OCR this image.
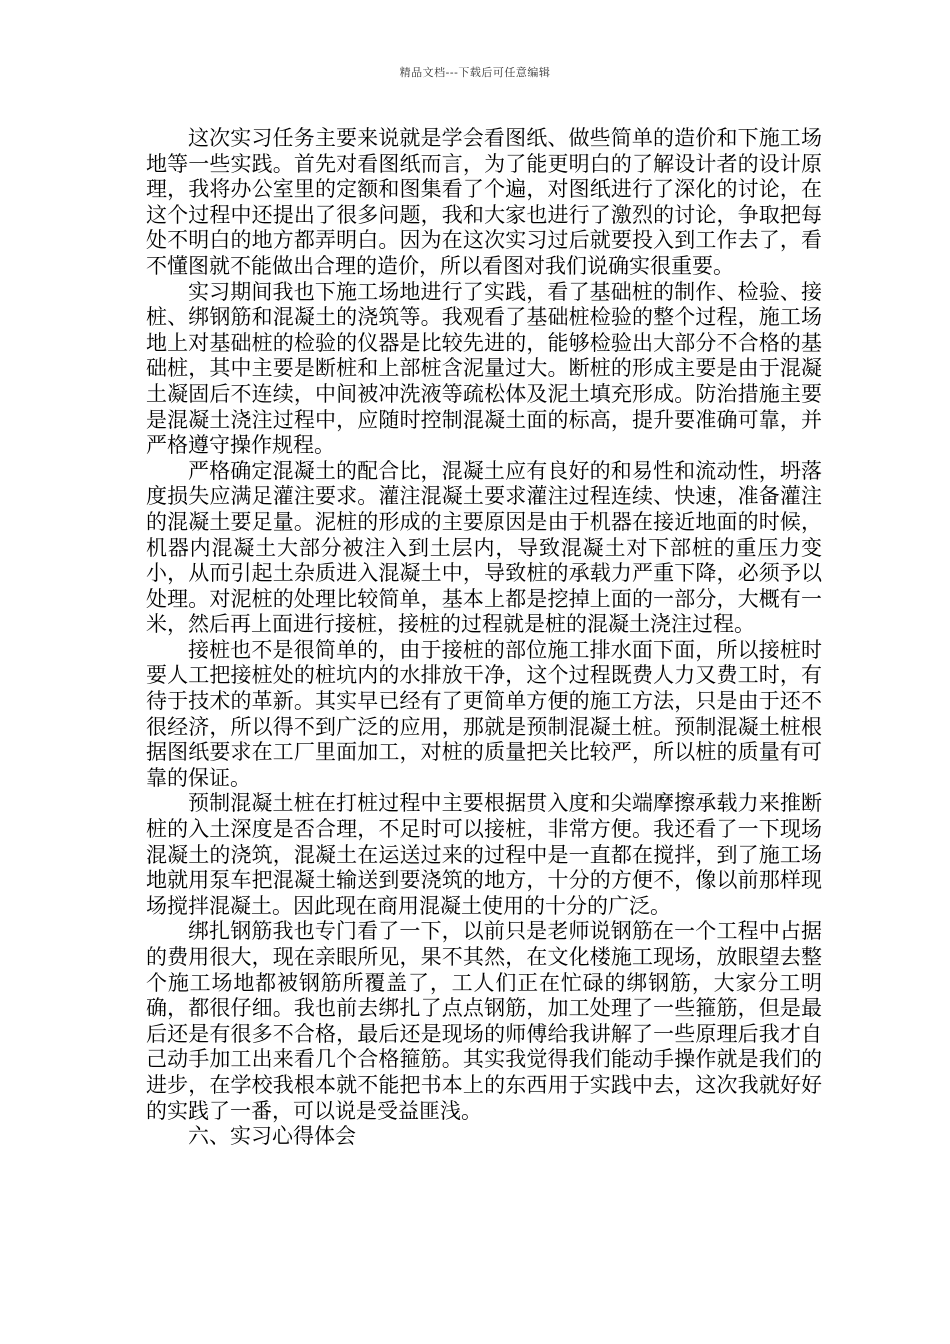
精品文档---下载后可任意编辑

这次实习任务主要来说就是学会看图纸、做些简单的造价和下施工场地等一些实践。首先对看图纸而言，为了能更明白的了解设计者的设计原理，我将办公室里的定额和图集看了个遍，对图纸进行了深化的讨论，在这个过程中还提出了很多问题，我和大家也进行了激烈的讨论，争取把每处不明白的地方都弄明白。因为在这次实习过后就要投入到工作去了，看不懂图就不能做出合理的造价，所以看图对我们说确实很重要。

实习期间我也下施工场地进行了实践，看了基础桩的制作、检验、接桩、绑钢筋和混凝土的浇筑等。我观看了基础桩检验的整个过程，施工场地上对基础桩的检验的仪器是比较先进的，能够检验出大部分不合格的基础桩，其中主要是断桩和上部桩含泥量过大。断桩的形成主要是由于混凝土凝固后不连续，中间被冲洗液等疏松体及泥土填充形成。防治措施主要是混凝土浇注过程中，应随时控制混凝土面的标高，提升要准确可靠，并严格遵守操作规程。

严格确定混凝土的配合比，混凝土应有良好的和易性和流动性，坍落度损失应满足灌注要求。灌注混凝土要求灌注过程连续、快速，准备灌注的混凝土要足量。泥桩的形成的主要原因是由于机器在接近地面的时候，机器内混凝土大部分被注入到土层内，导致混凝土对下部桩的重压力变小，从而引起土杂质进入混凝土中，导致桩的承载力严重下降，必须予以处理。对泥桩的处理比较简单，基本上都是挖掉上面的一部分，大概有一米，然后再上面进行接桩，接桩的过程就是桩的混凝土浇注过程。

接桩也不是很简单的，由于接桩的部位施工排水面下面，所以接桩时要人工把接桩处的桩坑内的水排放干净，这个过程既费人力又费工时，有待于技术的革新。其实早已经有了更简单方便的施工方法，只是由于还不很经济，所以得不到广泛的应用，那就是预制混凝土桩。预制混凝土桩根据图纸要求在工厂里面加工，对桩的质量把关比较严，所以桩的质量有可靠的保证。

预制混凝土桩在打桩过程中主要根据贯入度和尖端摩擦承载力来推断桩的入土深度是否合理，不足时可以接桩，非常方便。我还看了一下现场混凝土的浇筑，混凝土在运送过来的过程中是一直都在搅拌，到了施工场地就用泵车把混凝土输送到要浇筑的地方，十分的方便不，像以前那样现场搅拌混凝土。因此现在商用混凝土使用的十分的广泛。

绑扎钢筋我也专门看了一下，以前只是老师说钢筋在一个工程中占据的费用很大，现在亲眼所见，果不其然，在文化楼施工现场，放眼望去整个施工场地都被钢筋所覆盖了，工人们正在忙碌的绑钢筋，大家分工明确，都很仔细。我也前去绑扎了点点钢筋，加工处理了一些箍筋，但是最后还是有很多不合格，最后还是现场的师傅给我讲解了一些原理后我才自己动手加工出来看几个合格箍筋。其实我觉得我们能动手操作就是我们的进步，在学校我根本就不能把书本上的东西用于实践中去，这次我就好好的实践了一番，可以说是受益匪浅。

六、实习心得体会
